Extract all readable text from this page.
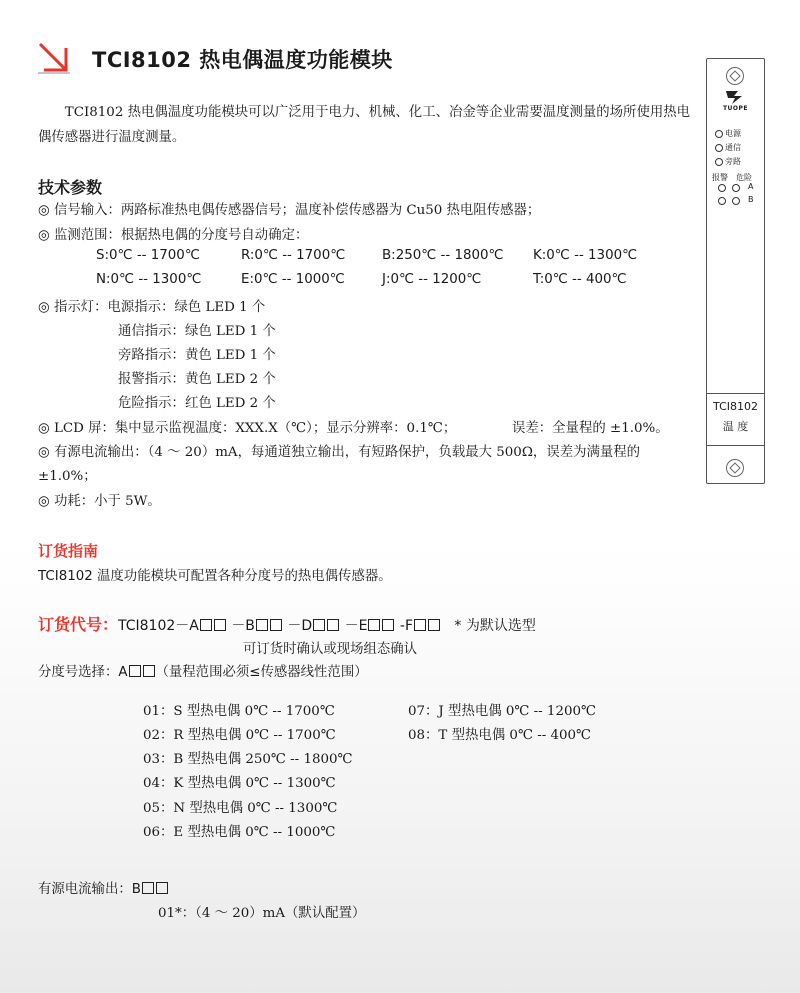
TCI8102 热电偶温度功能模块

TCI8102 热电偶温度功能模块可以广泛用于电力、机械、化工、冶金等企业需要温度测量的场所使用热电偶传感器进行温度测量。

技术参数
◎ 信号输入：两路标准热电偶传感器信号；温度补偿传感器为 Cu50 热电阻传感器；
◎ 监测范围：根据热电偶的分度号自动确定：
S:0℃ -- 1700℃	R:0℃ -- 1700℃	B:250℃ -- 1800℃ K:0℃ -- 1300℃
N:0℃ -- 1300℃	E:0℃ -- 1000℃	J:0℃ -- 1200℃	T:0℃ -- 400℃
◎ 指示灯：电源指示：绿色 LED 1 个
通信指示：绿色 LED 1 个
旁路指示：黄色 LED 1 个
报警指示：黄色 LED 2 个
危险指示：红色 LED 2 个
◎ LCD 屏：集中显示监视温度：XXX.X（℃）；显示分辨率：0.1℃；	误差：全量程的 ±1.0%。
◎ 有源电流输出：（4 ～ 20）mA，每通道独立输出，有短路保护，负载最大 500Ω，误差为满量程的
±1.0%；
◎ 功耗：小于 5W。
订货指南
TCI8102 温度功能模块可配置各种分度号的热电偶传感器。
订货代号：TCI8102－A －B －D －E -F	* 为默认选型
可订货时确认或现场组态确认
分度号选择：A （量程范围必须≤传感器线性范围）
01：S 型热电偶 0℃ -- 1700℃
02：R 型热电偶 0℃ -- 1700℃
03：B 型热电偶 250℃ -- 1800℃
04：K 型热电偶 0℃ -- 1300℃
05：N 型热电偶 0℃ -- 1300℃
06：E 型热电偶 0℃ -- 1000℃
07：J 型热电偶 0℃ -- 1200℃
08：T 型热电偶 0℃ -- 400℃
有源电流输出：B
01*：（4 ～ 20）mA（默认配置）
TUOPE
电源
通信
旁路
报警 危险
A
B
TCI8102
温 度
